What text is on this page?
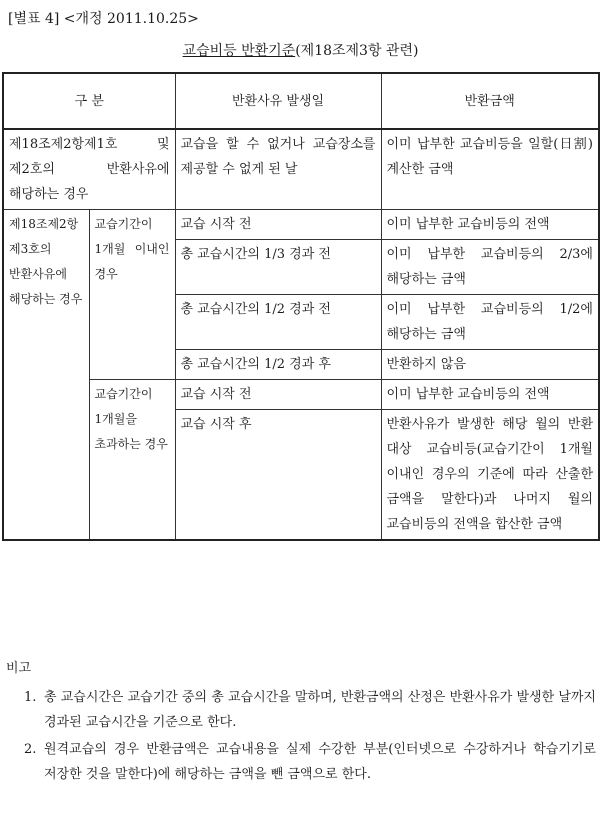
[별표 4] <개정 2011.10.25>
교습비등 반환기준(제18조제3항 관련)
구 분		반환사유 발생일	반환금액
제18조제2항제1호 및 제2호의 반환사유에 해당하는 경우		교습을 할 수 없거나 교습장소를 제공할 수 없게 된 날	이미 납부한 교습비등을 일할(日割) 계산한 금액
제18조제2항제3호의 반환사유에 해당하는 경우	교습기간이 1개월 이내인 경우	교습 시작 전	이미 납부한 교습비등의 전액
		총 교습시간의 1/3 경과 전	이미 납부한 교습비등의 2/3에 해당하는 금액
		총 교습시간의 1/2 경과 전	이미 납부한 교습비등의 1/2에 해당하는 금액
		총 교습시간의 1/2 경과 후	반환하지 않음
	교습기간이 1개월을 초과하는 경우	교습 시작 전	이미 납부한 교습비등의 전액
		교습 시작 후	반환사유가 발생한 해당 월의 반환 대상 교습비등(교습기간이 1개월 이내인 경우의 기준에 따라 산출한 금액을 말한다)과 나머지 월의 교습비등의 전액을 합산한 금액
비고
1. 총 교습시간은 교습기간 중의 총 교습시간을 말하며, 반환금액의 산정은 반환사유가 발생한 날까지 경과된 교습시간을 기준으로 한다.
2. 원격교습의 경우 반환금액은 교습내용을 실제 수강한 부분(인터넷으로 수강하거나 학습기기로 저장한 것을 말한다)에 해당하는 금액을 뺀 금액으로 한다.
